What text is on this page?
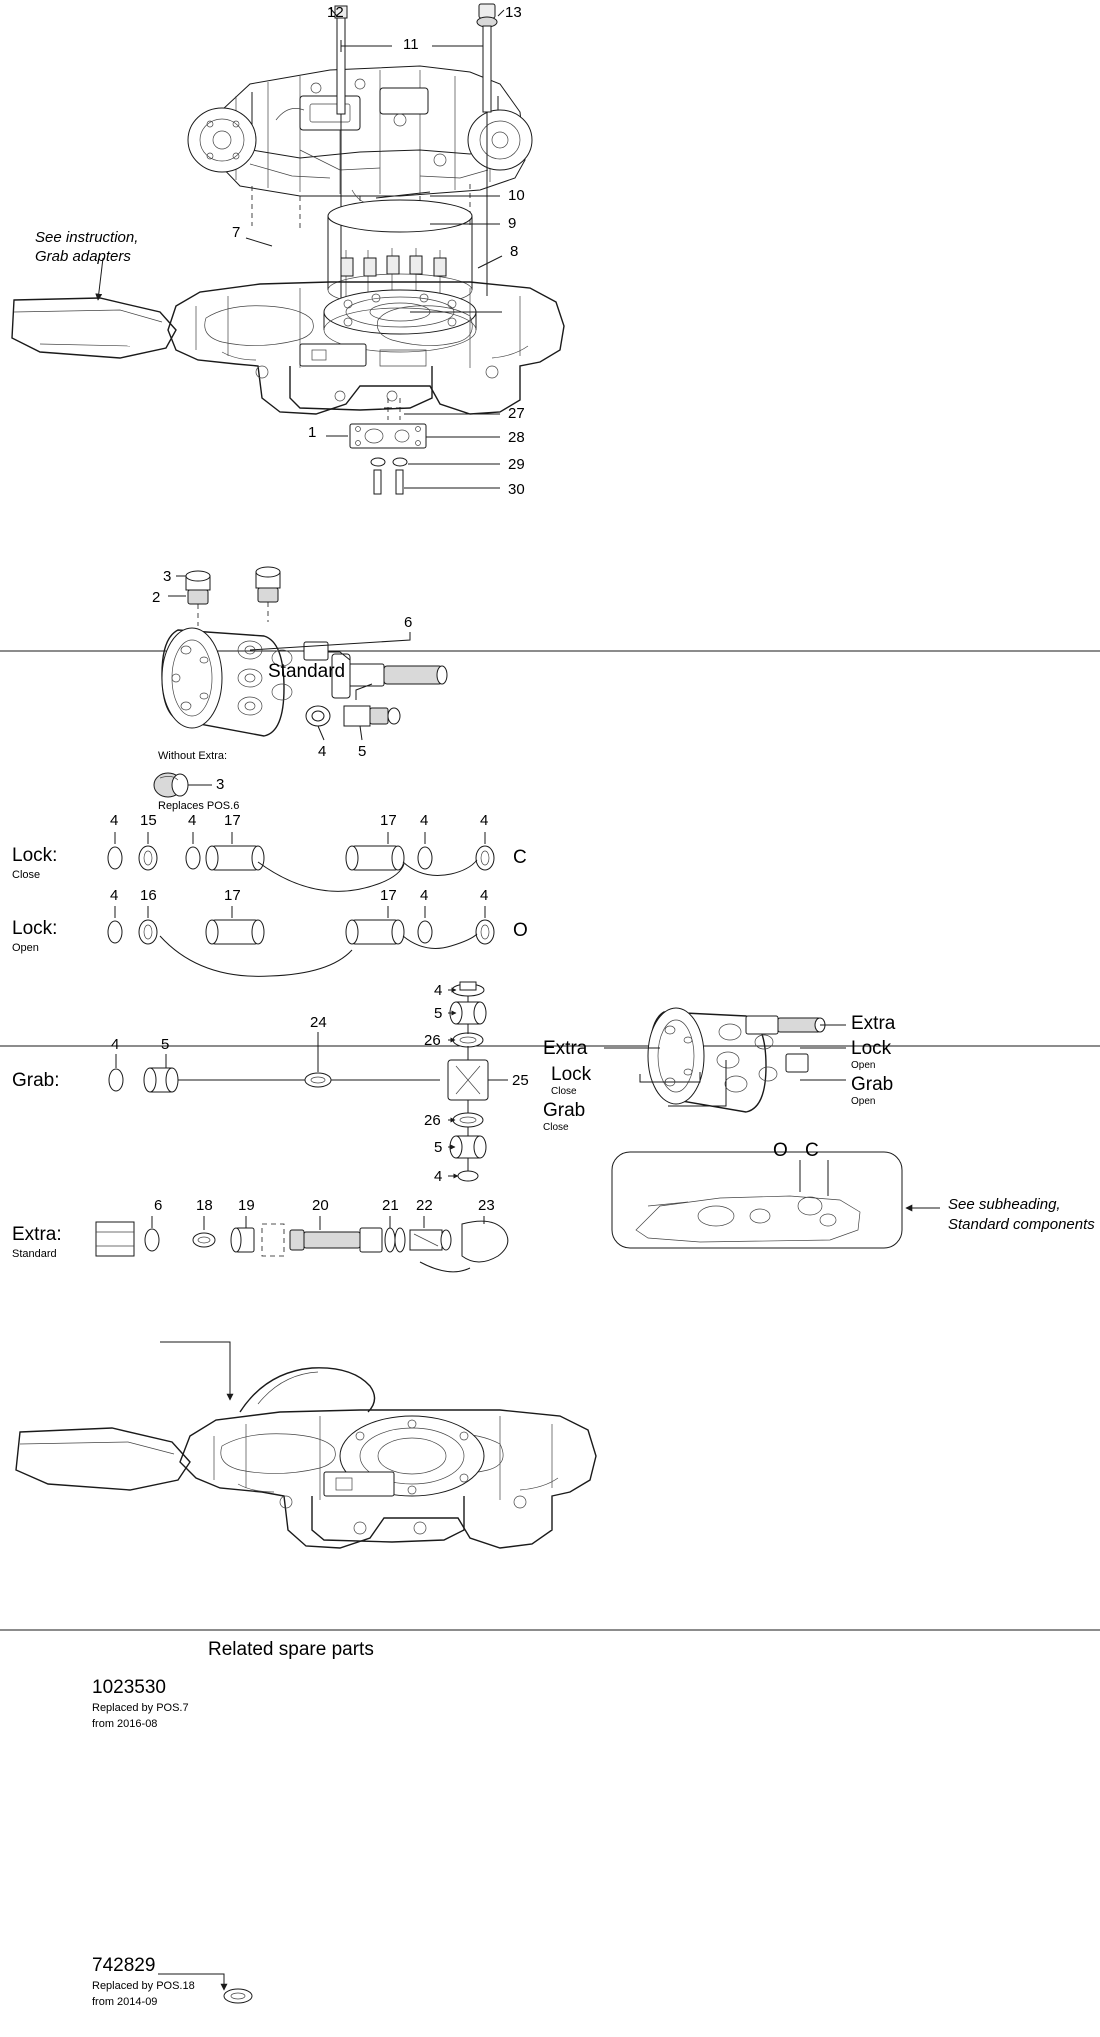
12	13
11
10
9
7
8
27
1	28
29
30
See instruction,
Grab adapters
Standard
3
2
6
4 5
Without Extra:
3
Replaces POS.6
Lock:
Close
C
Lock:
Open
O
Grab:
Extra:
Standard
4 15 4 17	17 4	4
4 16	17	17 4	4
4	5
24
4
5
26
25
26
5
4
6 18 19	20	21 22	23
Extra
Lock
Open
Grab
Open
Extra
Lock
Close
Grab
Close
O C
See subheading,
Standard components
Related spare parts
1023530
Replaced by POS.7
from 2016-08
742829
Replaced by POS.18
from 2014-09
